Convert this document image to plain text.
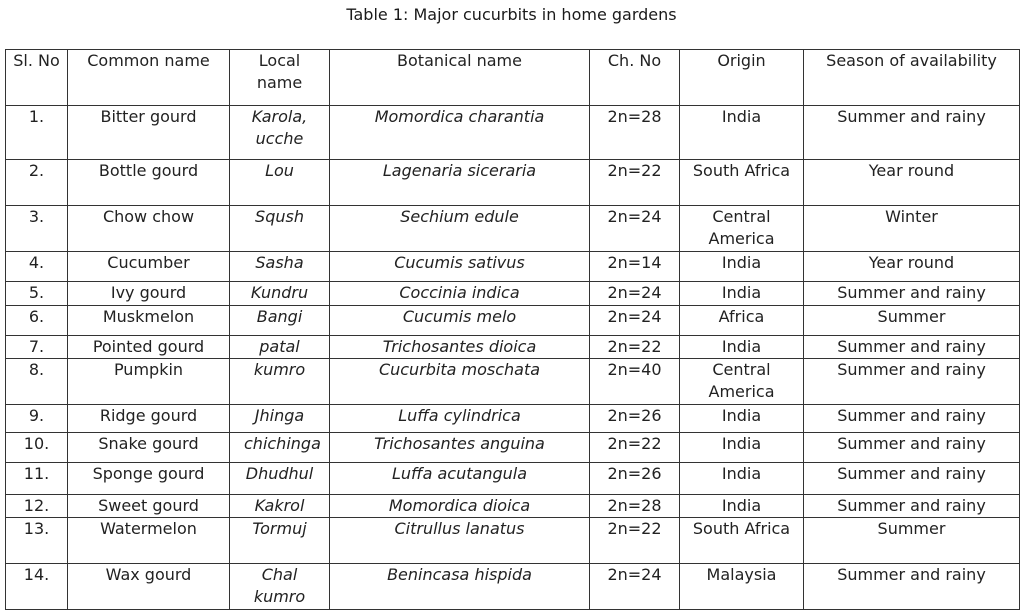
Table 1: Major cucurbits in home gardens
Sl. No	Common name	Local name	Botanical name	Ch. No	Origin	Season of availability
1.	Bitter gourd	Karola, ucche	Momordica charantia	2n=28	India	Summer and rainy
2.	Bottle gourd	Lou	Lagenaria siceraria	2n=22	South Africa	Year round
3.	Chow chow	Sqush	Sechium edule	2n=24	Central America	Winter
4.	Cucumber	Sasha	Cucumis sativus	2n=14	India	Year round
5.	Ivy gourd	Kundru	Coccinia indica	2n=24	India	Summer and rainy
6.	Muskmelon	Bangi	Cucumis melo	2n=24	Africa	Summer
7.	Pointed gourd	patal	Trichosantes dioica	2n=22	India	Summer and rainy
8.	Pumpkin	kumro	Cucurbita moschata	2n=40	Central America	Summer and rainy
9.	Ridge gourd	Jhinga	Luffa cylindrica	2n=26	India	Summer and rainy
10.	Snake gourd	chichinga	Trichosantes anguina	2n=22	India	Summer and rainy
11.	Sponge gourd	Dhudhul	Luffa acutangula	2n=26	India	Summer and rainy
12.	Sweet gourd	Kakrol	Momordica dioica	2n=28	India	Summer and rainy
13.	Watermelon	Tormuj	Citrullus lanatus	2n=22	South Africa	Summer
14.	Wax gourd	Chal kumro	Benincasa hispida	2n=24	Malaysia	Summer and rainy
